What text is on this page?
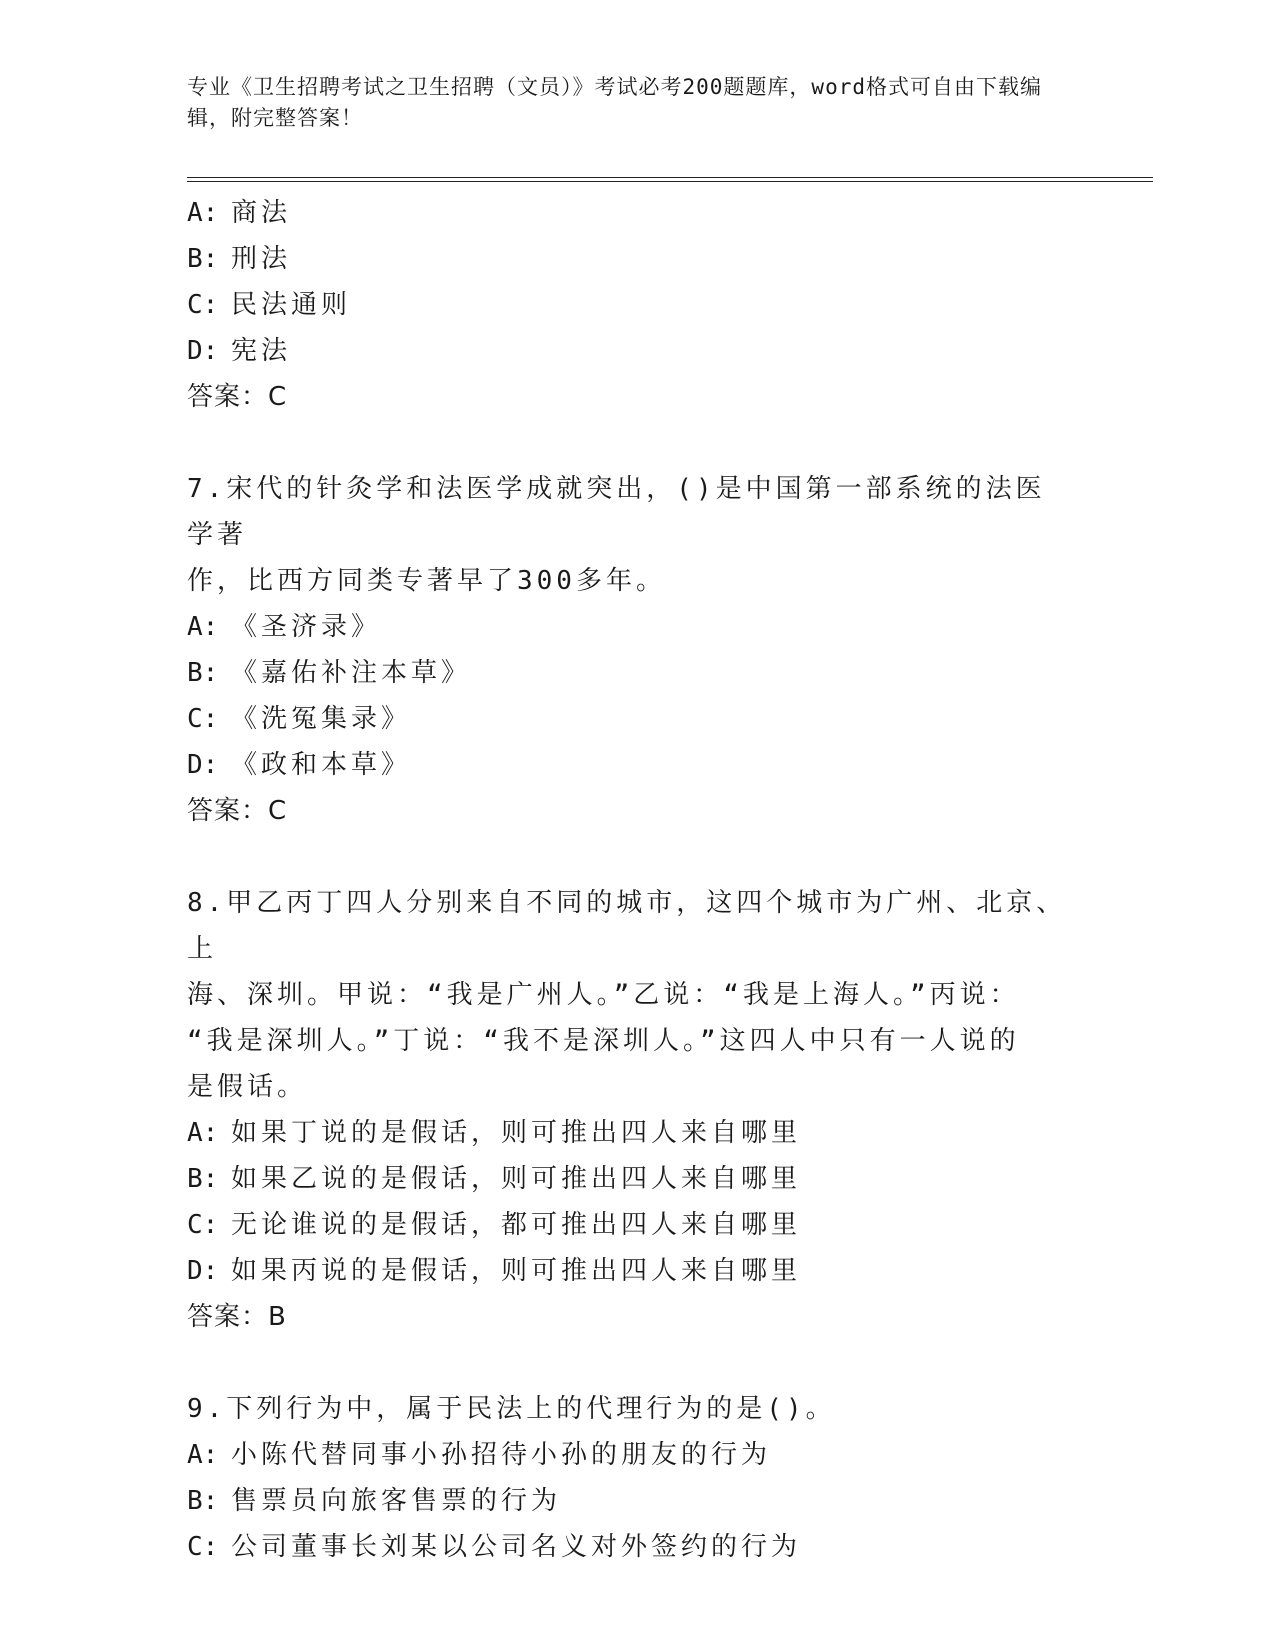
专业《卫生招聘考试之卫生招聘（文员）》考试必考200题题库，word格式可自由下载编辑，附完整答案！
A: 商法
B: 刑法
C: 民法通则
D: 宪法
答案：C
7.宋代的针灸学和法医学成就突出，()是中国第一部系统的法医学著
作，比西方同类专著早了300多年。
A: 《圣济录》
B: 《嘉佑补注本草》
C: 《洗冤集录》
D: 《政和本草》
答案：C
8.甲乙丙丁四人分别来自不同的城市，这四个城市为广州、北京、上
海、深圳。甲说：“我是广州人。”乙说：“我是上海人。”丙说：
“我是深圳人。”丁说：“我不是深圳人。”这四人中只有一人说的
是假话。
A: 如果丁说的是假话，则可推出四人来自哪里
B: 如果乙说的是假话，则可推出四人来自哪里
C: 无论谁说的是假话，都可推出四人来自哪里
D: 如果丙说的是假话，则可推出四人来自哪里
答案：B
9.下列行为中，属于民法上的代理行为的是()。
A: 小陈代替同事小孙招待小孙的朋友的行为
B: 售票员向旅客售票的行为
C: 公司董事长刘某以公司名义对外签约的行为
